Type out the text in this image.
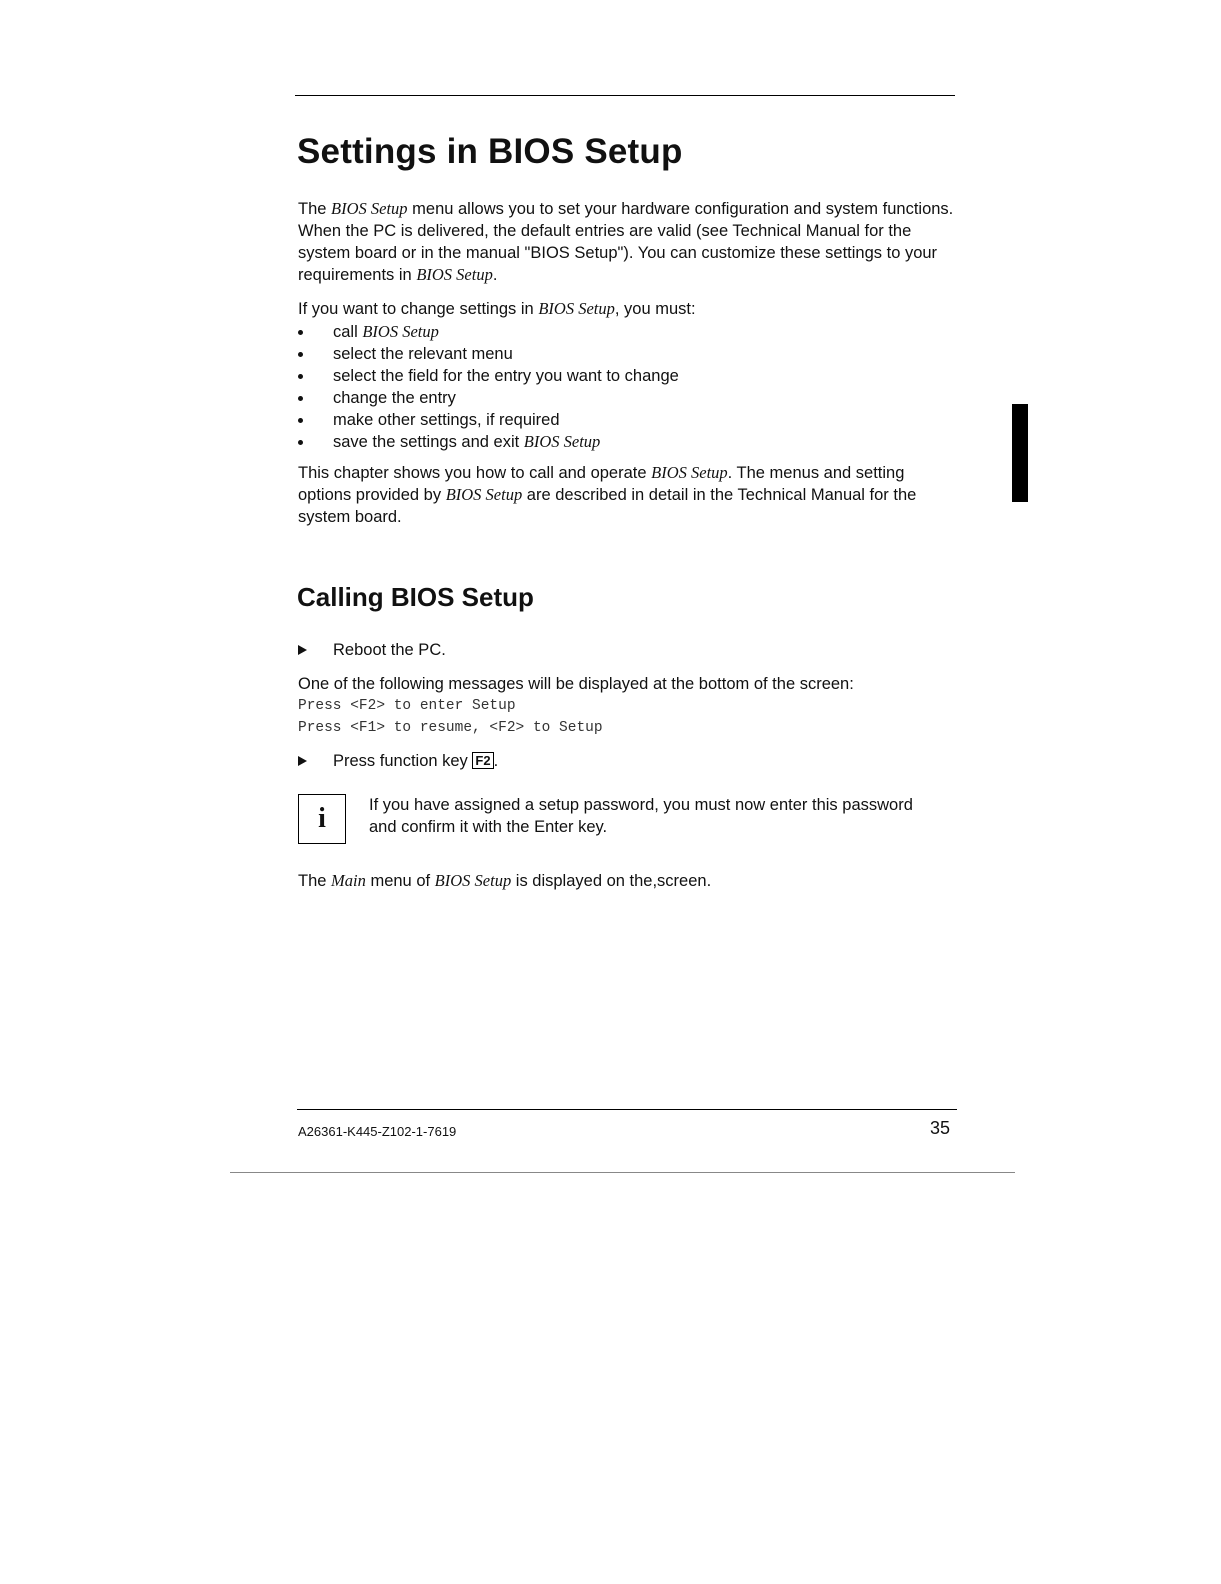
Settings in BIOS Setup

The BIOS Setup menu allows you to set your hardware configuration and system functions. When the PC is delivered, the default entries are valid (see Technical Manual for the system board or in the manual "BIOS Setup"). You can customize these settings to your requirements in BIOS Setup.

If you want to change settings in BIOS Setup, you must:

call BIOS Setup
select the relevant menu
select the field for the entry you want to change
change the entry
make other settings, if required
save the settings and exit BIOS Setup

This chapter shows you how to call and operate BIOS Setup. The menus and setting options provided by BIOS Setup are described in detail in the Technical Manual for the system board.

Calling BIOS Setup
Reboot the PC.

One of the following messages will be displayed at the bottom of the screen:

Press <F2> to enter Setup
Press <F1> to resume, <F2> to Setup
Press function key F2 .
i	If you have assigned a setup password, you must now enter this password and confirm it with the Enter key.

The Main menu of BIOS Setup is displayed on the,screen.

A26361-K445-Z102-1-7619	35
